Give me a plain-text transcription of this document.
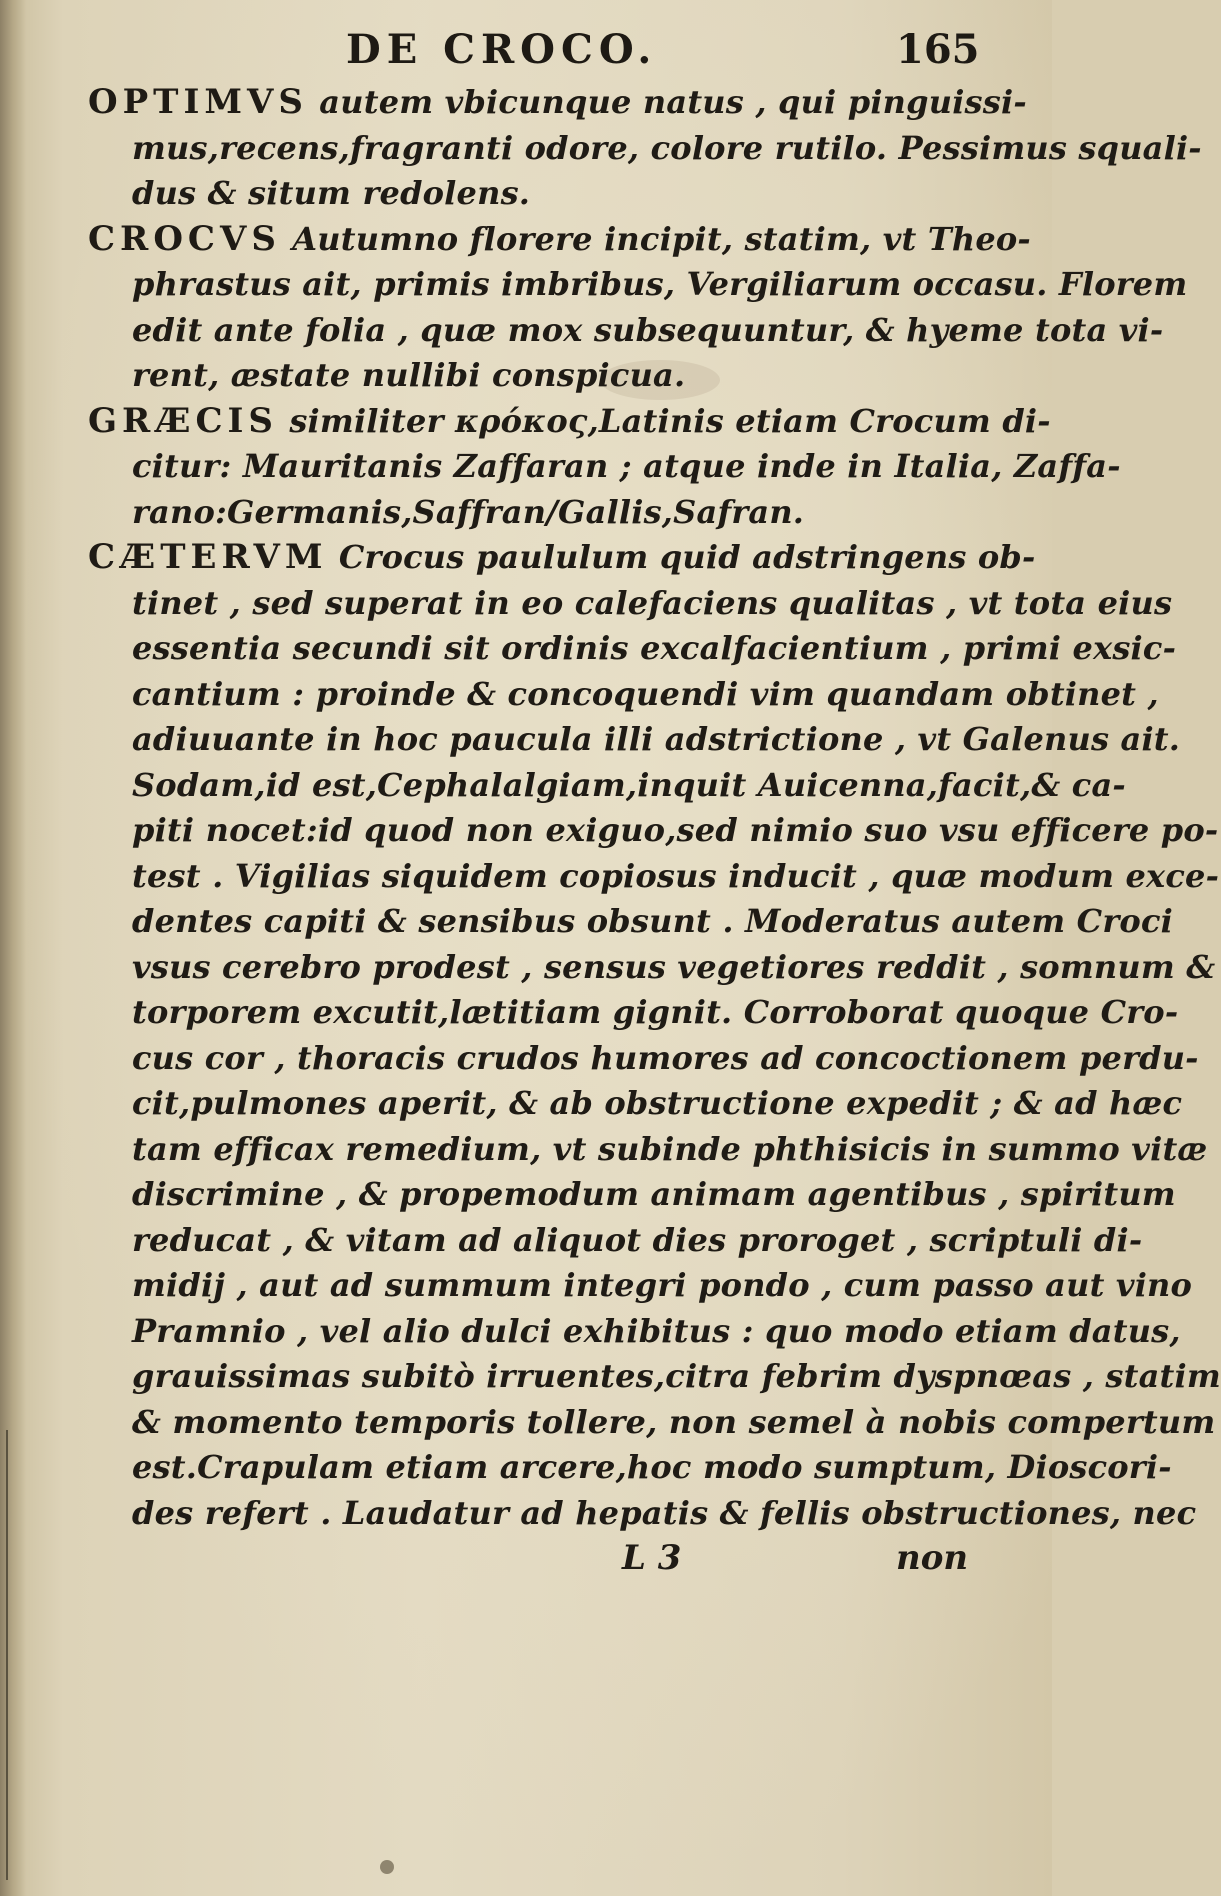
DE CROCO.	165
OPTIMVS autem vbicunque natus , qui pinguissi-
mus,recens,fragranti odore, colore rutilo. Pessimus squali-
dus & situm redolens.
CROCVS Autumno florere incipit, statim, vt Theo-
phrastus ait, primis imbribus, Vergiliarum occasu. Florem
edit ante folia , quæ mox subsequuntur, & hyeme tota vi-
rent, æstate nullibi conspicua.
GRÆCIS similiter κρόκος,Latinis etiam Crocum di-
citur: Mauritanis Zaffaran ; atque inde in Italia, Zaffa-
rano:Germanis,Saffran/Gallis,Safran.
CÆTERVM Crocus paululum quid adstringens ob-
tinet , sed superat in eo calefaciens qualitas , vt tota eius
essentia secundi sit ordinis excalfacientium , primi exsic-
cantium : proinde & concoquendi vim quandam obtinet ,
adiuuante in hoc paucula illi adstrictione , vt Galenus ait.
Sodam,id est,Cephalalgiam,inquit Auicenna,facit,& ca-
piti nocet:id quod non exiguo,sed nimio suo vsu efficere po-
test . Vigilias siquidem copiosus inducit , quæ modum exce-
dentes capiti & sensibus obsunt . Moderatus autem Croci
vsus cerebro prodest , sensus vegetiores reddit , somnum &
torporem excutit,lætitiam gignit. Corroborat quoque Cro-
cus cor , thoracis crudos humores ad concoctionem perdu-
cit,pulmones aperit, & ab obstructione expedit ; & ad hæc
tam efficax remedium, vt subinde phthisicis in summo vitæ
discrimine , & propemodum animam agentibus , spiritum
reducat , & vitam ad aliquot dies proroget , scriptuli di-
midij , aut ad summum integri pondo , cum passo aut vino
Pramnio , vel alio dulci exhibitus : quo modo etiam datus,
grauissimas subitò irruentes,citra febrim dyspnœas , statim
& momento temporis tollere, non semel à nobis compertum
est.Crapulam etiam arcere,hoc modo sumptum, Dioscori-
des refert . Laudatur ad hepatis & fellis obstructiones, nec
L 3	non
